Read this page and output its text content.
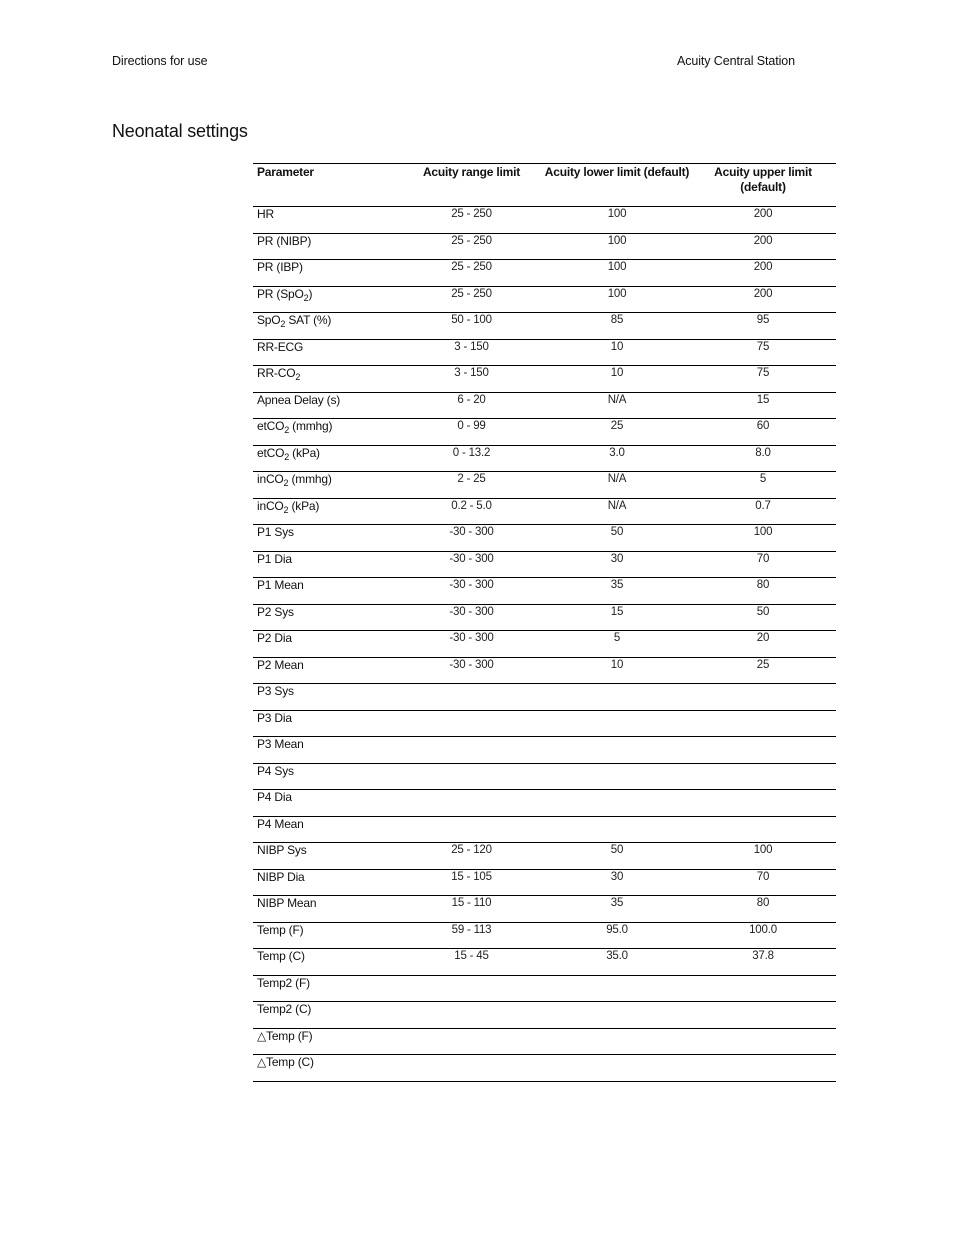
Directions for use	Acuity Central Station
Neonatal settings
Parameter	Acuity range limit	Acuity lower limit (default)	Acuity upper limit (default)
HR	25 - 250	100	200
PR (NIBP)	25 - 250	100	200
PR (IBP)	25 - 250	100	200
PR (SpO$_2$)	25 - 250	100	200
SpO$_2$ SAT (%)	50 - 100	85	95
RR-ECG	3 - 150	10	75
$RR-CO_2$	3 - 150	10	75
Apnea Delay (s)	6 - 20	N/A	15
etCO$_2$ (mmhg)	0 - 99	25	60
etCO$_2$ (kPa)	0 - 13.2	3.0	8.0
inCO$_2$ (mmhg)	2 - 25	N/A	5
inCO$_2$ (kPa)	0.2 - 5.0	N/A	0.7
P1 Sys	-30 - 300	50	100
P1 Dia	-30 - 300	30	70
P1 Mean	-30 - 300	35	80
P2 Sys	-30 - 300	15	50
P2 Dia	-30 - 300	5	20
P2 Mean	-30 - 300	10	25
P3 Sys			
P3 Dia			
P3 Mean			
P4 Sys			
P4 Dia			
P4 Mean			
NIBP Sys	25 - 120	50	100
NIBP Dia	15 - 105	30	70
NIBP Mean	15 - 110	35	80
Temp (F)	59 - 113	95.0	100.0
Temp (C)	15 - 45	35.0	37.8
Temp2 (F)			
Temp2 (C)			
△Temp (F)			
△Temp (C)			
